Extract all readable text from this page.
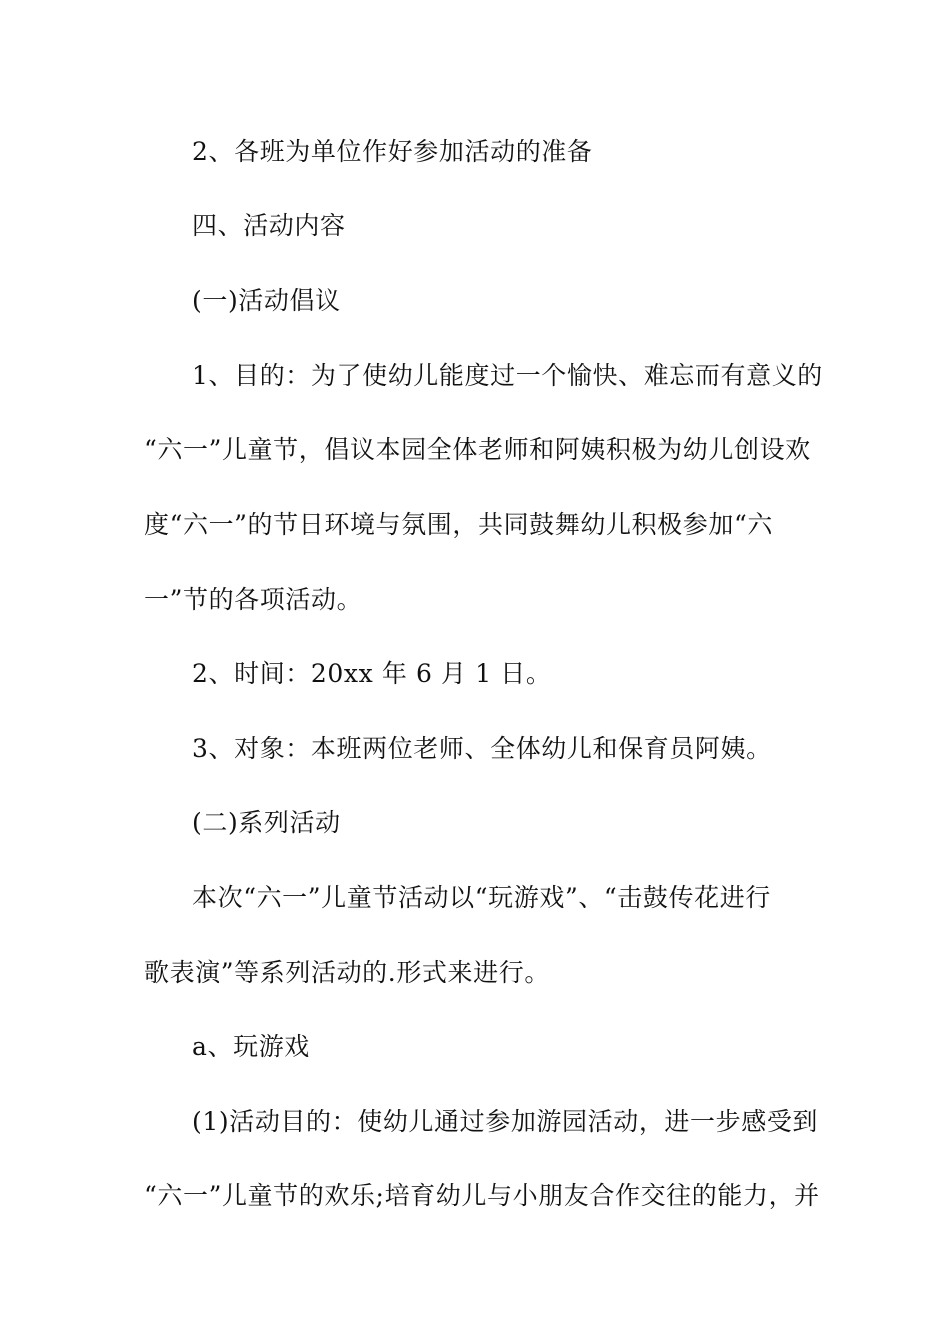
2、各班为单位作好参加活动的准备
四、活动内容
(一)活动倡议
1、目的：为了使幼儿能度过一个愉快、难忘而有意义的
“六一”儿童节，倡议本园全体老师和阿姨积极为幼儿创设欢
度“六一”的节日环境与氛围，共同鼓舞幼儿积极参加“六
一”节的各项活动。
2、时间：20xx 年 6 月 1 日。
3、对象：本班两位老师、全体幼儿和保育员阿姨。
(二)系列活动
本次“六一”儿童节活动以“玩游戏”、“击鼓传花进行
歌表演”等系列活动的.形式来进行。
a、玩游戏
(1)活动目的：使幼儿通过参加游园活动，进一步感受到
“六一”儿童节的欢乐;培育幼儿与小朋友合作交往的能力，并
